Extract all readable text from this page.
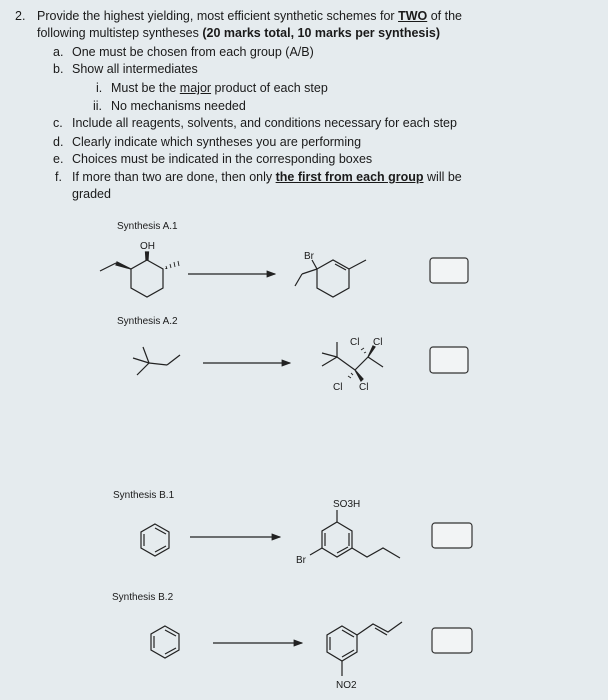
2. Provide the highest yielding, most efficient synthetic schemes for TWO of the
following multistep syntheses (20 marks total, 10 marks per synthesis)
a. One must be chosen from each group (A/B)
b. Show all intermediates
i. Must be the major product of each step
ii. No mechanisms needed
c. Include all reagents, solvents, and conditions necessary for each step
d. Clearly indicate which syntheses you are performing
e. Choices must be indicated in the corresponding boxes
f. If more than two are done, then only the first from each group will be
graded
Synthesis A.1
OH
Br
Synthesis A.2
Cl Cl
Cl Cl
Synthesis B.1
SO3H
Br
Synthesis B.2
NO2
